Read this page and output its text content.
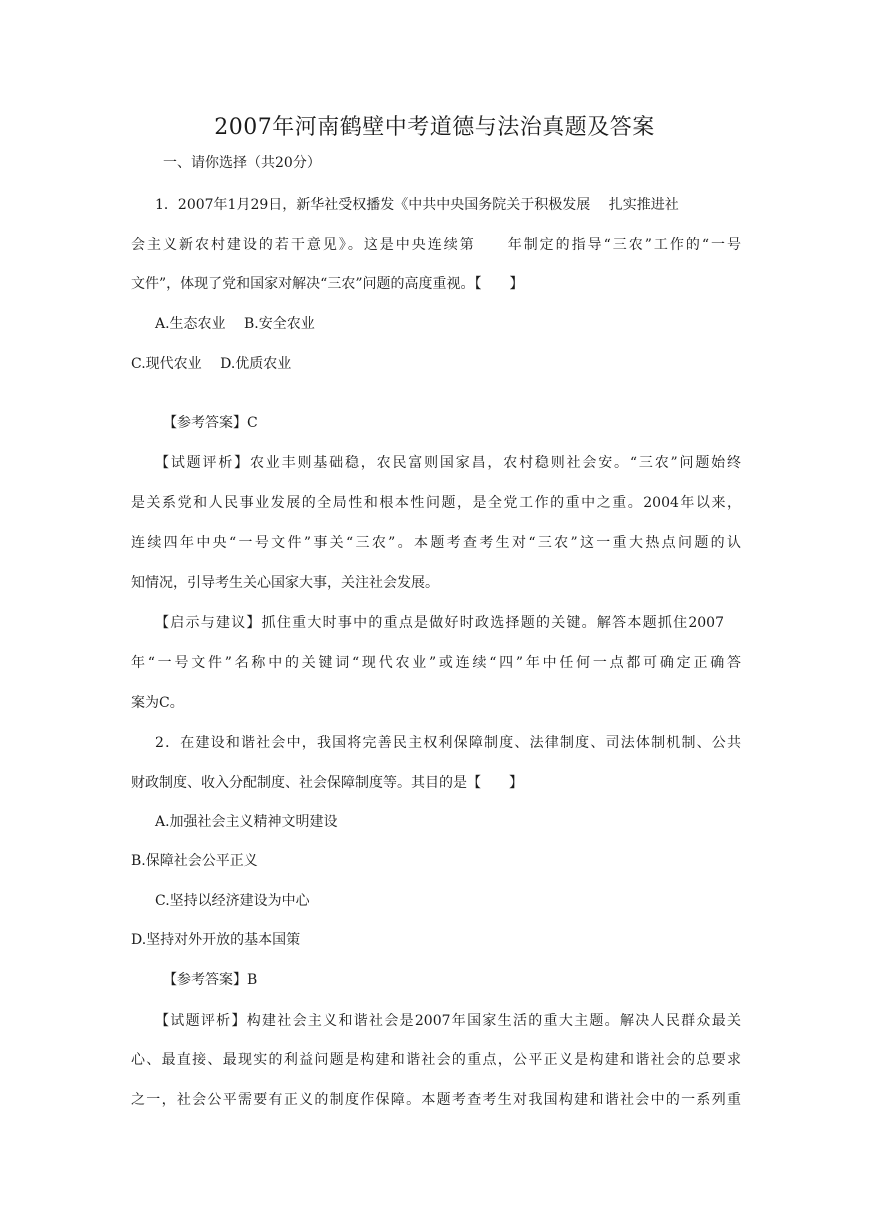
2007年河南鹤壁中考道德与法治真题及答案
一、请你选择（共20分）
1．2007年1月29日，新华社受权播发《中共中央国务院关于积极发展　 扎实推进社
会主义新农村建设的若干意见》。这是中央连续第　　年制定的指导“三农”工作的“一号
文件”，体现了党和国家对解决“三农”问题的高度重视。【　　】
A.生态农业　 B.安全农业
C.现代农业　 D.优质农业
【参考答案】C
【试题评析】农业丰则基础稳，农民富则国家昌，农村稳则社会安。“三农”问题始终
是关系党和人民事业发展的全局性和根本性问题，是全党工作的重中之重。2004年以来，
连续四年中央“一号文件”事关“三农”。本题考查考生对“三农”这一重大热点问题的认
知情况，引导考生关心国家大事，关注社会发展。
【启示与建议】抓住重大时事中的重点是做好时政选择题的关键。解答本题抓住2007
年“一号文件”名称中的关键词“现代农业”或连续“四”年中任何一点都可确定正确答
案为C。
2．在建设和谐社会中，我国将完善民主权利保障制度、法律制度、司法体制机制、公共
财政制度、收入分配制度、社会保障制度等。其目的是【　　】
A.加强社会主义精神文明建设
B.保障社会公平正义
C.坚持以经济建设为中心
D.坚持对外开放的基本国策
【参考答案】B
【试题评析】构建社会主义和谐社会是2007年国家生活的重大主题。解决人民群众最关
心、最直接、最现实的利益问题是构建和谐社会的重点，公平正义是构建和谐社会的总要求
之一，社会公平需要有正义的制度作保障。本题考查考生对我国构建和谐社会中的一系列重
